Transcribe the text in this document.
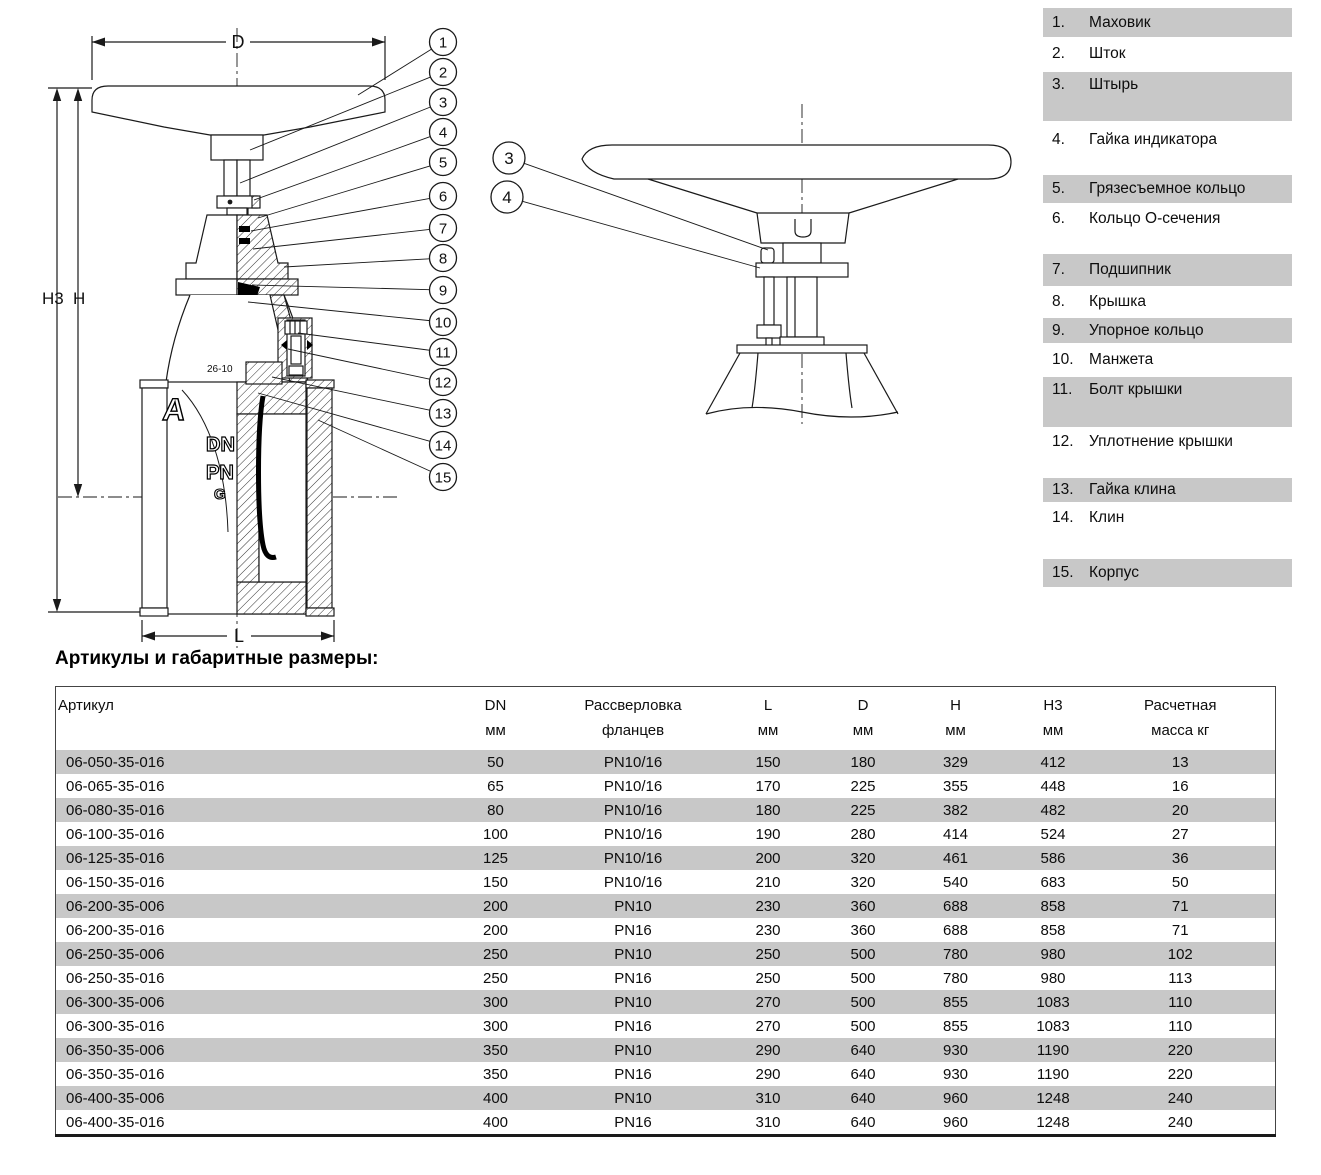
D
H3 H
26-10
A
DN
PN
G
L
1
2
3
4
5
6
7
8
9
10
11
12
13
14
15
3
4
1.	Маховик
2.	Шток
3.	Штырь
4.	Гайка индикатора
5.	Грязесъемное кольцо
6.	Кольцо О-сечения
7.	Подшипник
8.	Крышка
9.	Упорное кольцо
10. Манжета
11.	Болт крышки
12. Уплотнение крышки
13. Гайка клина
14. Клин
15. Корпус
Артикулы и габаритные размеры:
Артикул	DN	Рассверловка	L	D	H	H3	Расчетная
	мм	фланцев	мм	мм	мм	мм	масса кг
06-050-35-016	50	PN10/16	150	180	329	412	13
06-065-35-016	65	PN10/16	170	225	355	448	16
06-080-35-016	80	PN10/16	180	225	382	482	20
06-100-35-016	100	PN10/16	190	280	414	524	27
06-125-35-016	125	PN10/16	200	320	461	586	36
06-150-35-016	150	PN10/16	210	320	540	683	50
06-200-35-006	200	PN10	230	360	688	858	71
06-200-35-016	200	PN16	230	360	688	858	71
06-250-35-006	250	PN10	250	500	780	980	102
06-250-35-016	250	PN16	250	500	780	980	113
06-300-35-006	300	PN10	270	500	855	1083	110
06-300-35-016	300	PN16	270	500	855	1083	110
06-350-35-006	350	PN10	290	640	930	1190	220
06-350-35-016	350	PN16	290	640	930	1190	220
06-400-35-006	400	PN10	310	640	960	1248	240
06-400-35-016	400	PN16	310	640	960	1248	240
